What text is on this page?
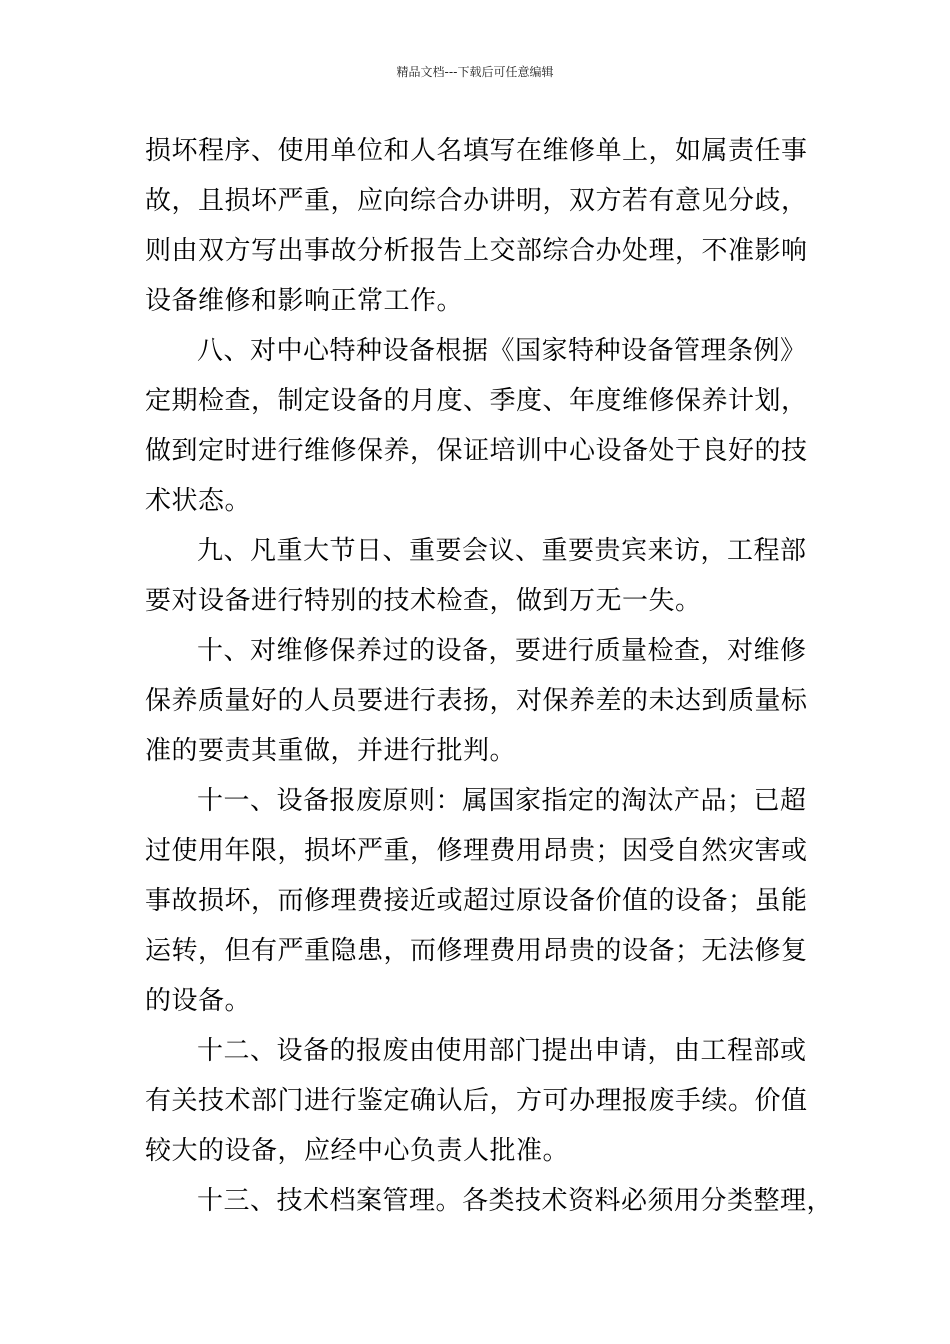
精品文档---下载后可任意编辑
损坏程序、使用单位和人名填写在维修单上，如属责任事
故，且损坏严重，应向综合办讲明，双方若有意见分歧，
则由双方写出事故分析报告上交部综合办处理，不准影响
设备维修和影响正常工作。
八、对中心特种设备根据《国家特种设备管理条例》
定期检查，制定设备的月度、季度、年度维修保养计划，
做到定时进行维修保养，保证培训中心设备处于良好的技
术状态。
九、凡重大节日、重要会议、重要贵宾来访，工程部
要对设备进行特别的技术检查，做到万无一失。
十、对维修保养过的设备，要进行质量检查，对维修
保养质量好的人员要进行表扬，对保养差的未达到质量标
准的要责其重做，并进行批判。
十一、设备报废原则：属国家指定的淘汰产品；已超
过使用年限，损坏严重，修理费用昂贵；因受自然灾害或
事故损坏，而修理费接近或超过原设备价值的设备；虽能
运转，但有严重隐患，而修理费用昂贵的设备；无法修复
的设备。
十二、设备的报废由使用部门提出申请，由工程部或
有关技术部门进行鉴定确认后，方可办理报废手续。价值
较大的设备，应经中心负责人批准。
十三、技术档案管理。各类技术资料必须用分类整理，
